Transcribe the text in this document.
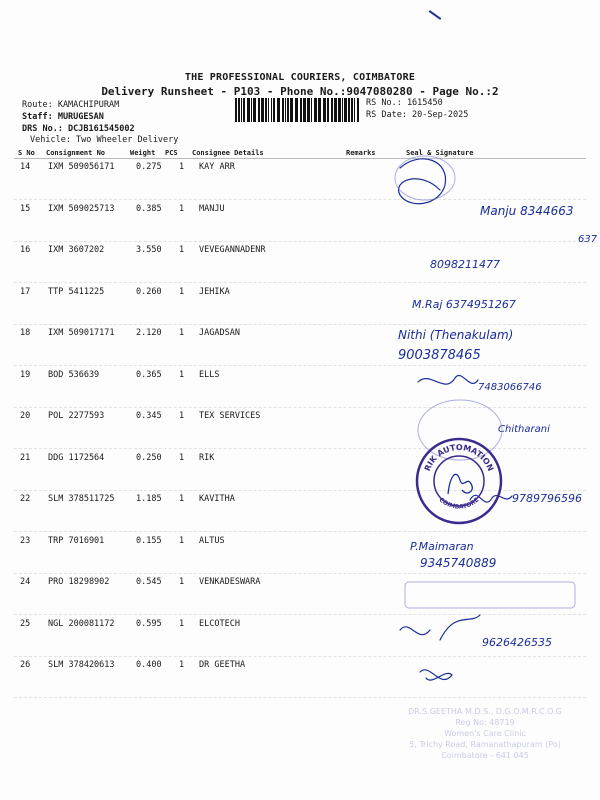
THE PROFESSIONAL COURIERS, COIMBATORE
Delivery Runsheet - P103 - Phone No.:9047080280 - Page No.:2
Route: KAMACHIPURAM
Staff: MURUGESAN
DRS No.: DCJB161545002
Vehicle: Two Wheeler Delivery
RS No.: 1615450
RS Date: 20-Sep-2025
S No Consignment No	Weight PCS Consignee Details	Remarks	Seal & Signature
14 IXM 509056171	0.275 1 KAY ARR
15 IXM 509025713	0.385 1 MANJU
16 IXM 3607202	3.550 1 VEVEGANNADENR
17 TTP 5411225	0.260 1 JEHIKA
18 IXM 509017171	2.120 1 JAGADSAN
19 BOD 536639	0.365 1 ELLS
20 POL 2277593	0.345 1 TEX SERVICES
21 DDG 1172564	0.250 1 RIK
22 SLM 378511725	1.185 1 KAVITHA
23 TRP 7016901	0.155 1 ALTUS
24 PRO 18298902	0.545 1 VENKADESWARA
25 NGL 200081172	0.595 1 ELCOTECH
26 SLM 378420613	0.400 1 DR GEETHA
Manju 8344663
637
8098211477
M.Raj 6374951267
Nithi (Thenakulam)
9003878465
7483066746
Chitharani
9789796596
P.Maimaran
9345740889
9626426535
RIK AUTOMATION
COIMBATORE
DR.S.GEETHA M.D.S., D.G.O.M.R.C.O.G
Reg No: 48719
Women's Care Clinic
5, Trichy Road, Ramanathapuram (Po)
Coimbatore - 641 045
